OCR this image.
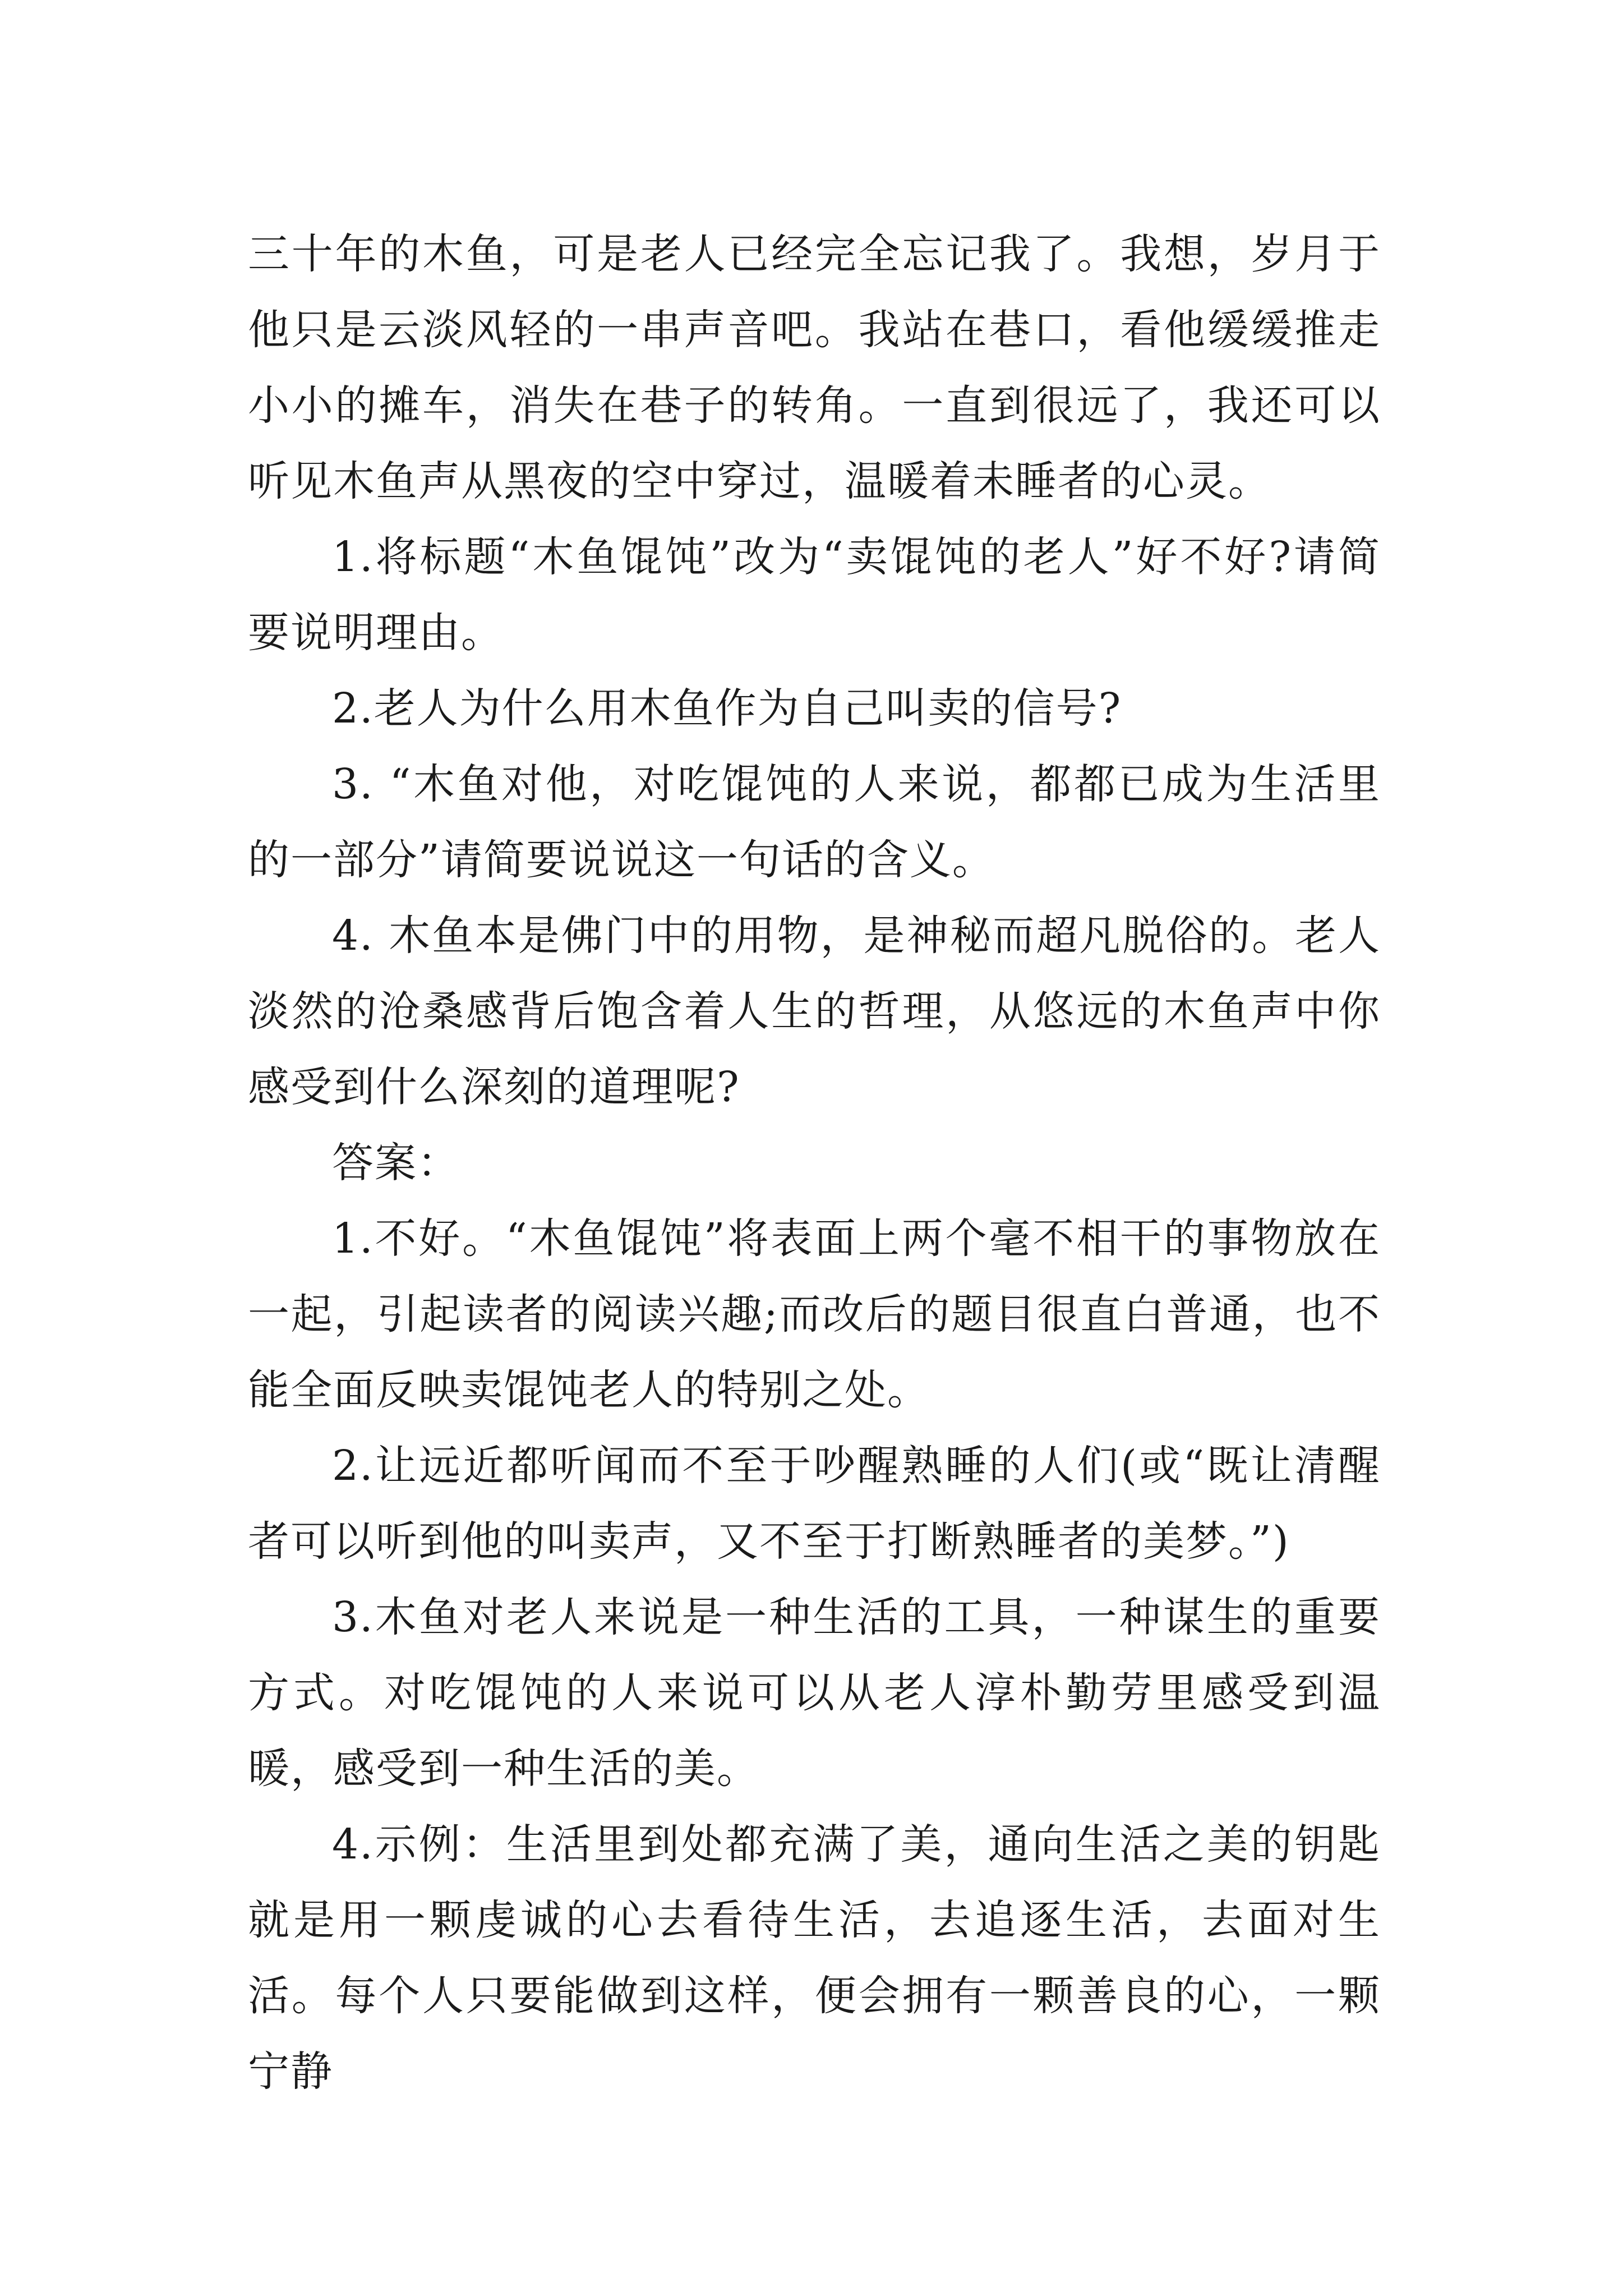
三十年的木鱼，可是老人已经完全忘记我了。我想，岁月于他只是云淡风轻的一串声音吧。我站在巷口，看他缓缓推走小小的摊车，消失在巷子的转角。一直到很远了，我还可以听见木鱼声从黑夜的空中穿过，温暖着未睡者的心灵。

1.将标题“木鱼馄饨”改为“卖馄饨的老人”好不好?请简要说明理由。

2.老人为什么用木鱼作为自己叫卖的信号?

3. “木鱼对他，对吃馄饨的人来说，都都已成为生活里的一部分”请简要说说这一句话的含义。

4. 木鱼本是佛门中的用物，是神秘而超凡脱俗的。老人淡然的沧桑感背后饱含着人生的哲理，从悠远的木鱼声中你感受到什么深刻的道理呢?

答案：

1.不好。“木鱼馄饨”将表面上两个毫不相干的事物放在一起，引起读者的阅读兴趣;而改后的题目很直白普通，也不能全面反映卖馄饨老人的特别之处。

2.让远近都听闻而不至于吵醒熟睡的人们(或“既让清醒者可以听到他的叫卖声，又不至于打断熟睡者的美梦。”)

3.木鱼对老人来说是一种生活的工具，一种谋生的重要方式。对吃馄饨的人来说可以从老人淳朴勤劳里感受到温暖，感受到一种生活的美。

4.示例：生活里到处都充满了美，通向生活之美的钥匙就是用一颗虔诚的心去看待生活，去追逐生活，去面对生活。每个人只要能做到这样，便会拥有一颗善良的心，一颗宁静
